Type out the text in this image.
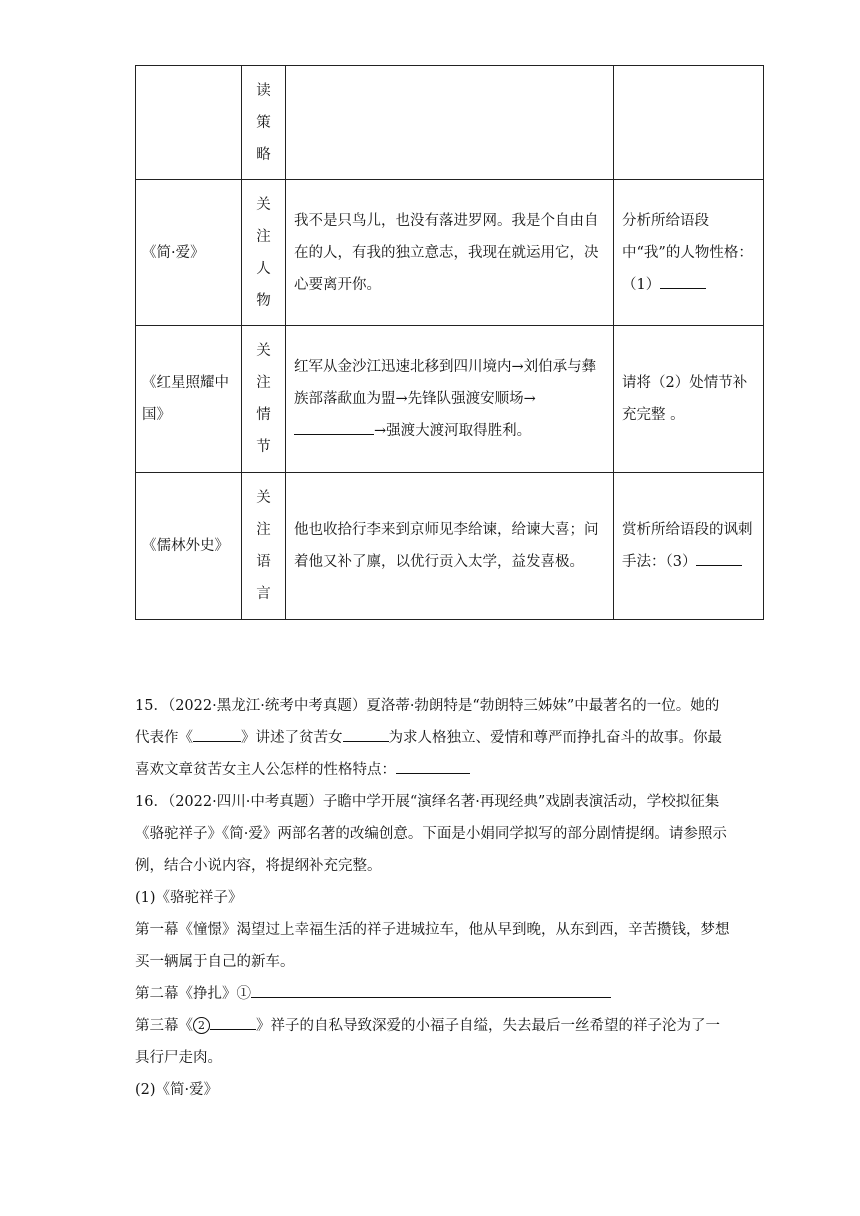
	读
策
略		

《简·爱》	关
注
人
物	我不是只鸟儿，也没有落进罗网。我是个自由自在的人，有我的独立意志，我现在就运用它，决心要离开你。	分析所给语段中“我”的人物性格：（1）
《红星照耀中国》	关
注
情
节	红军从金沙江迅速北移到四川境内→刘伯承与彝族部落歃血为盟→先锋队强渡安顺场→→强渡大渡河取得胜利。	请将（2）处情节补充完整 。
《儒林外史》	关
注
语
言	他也收拾行李来到京师见李给谏，给谏大喜；问着他又补了廪，以优行贡入太学，益发喜极。	赏析所给语段的讽刺手法：（3）

15．（2022·黑龙江·统考中考真题）夏洛蒂·勃朗特是“勃朗特三姊妹”中最著名的一位。她的代表作《	》讲述了贫苦女	为求人格独立、爱情和尊严而挣扎奋斗的故事。你最喜欢文章贫苦女主人公怎样的性格特点：

16．（2022·四川·中考真题）子瞻中学开展“演绎名著·再现经典”戏剧表演活动，学校拟征集《骆驼祥子》《简·爱》两部名著的改编创意。下面是小娟同学拟写的部分剧情提纲。请参照示例，结合小说内容，将提纲补充完整。

(1)《骆驼祥子》

第一幕《憧憬》渴望过上幸福生活的祥子进城拉车，他从早到晚，从东到西，辛苦攒钱，梦想买一辆属于自己的新车。

第二幕《挣扎》①

第三幕《 2	》祥子的自私导致深爱的小福子自缢，失去最后一丝希望的祥子沦为了一具行尸走肉。

(2)《简·爱》
